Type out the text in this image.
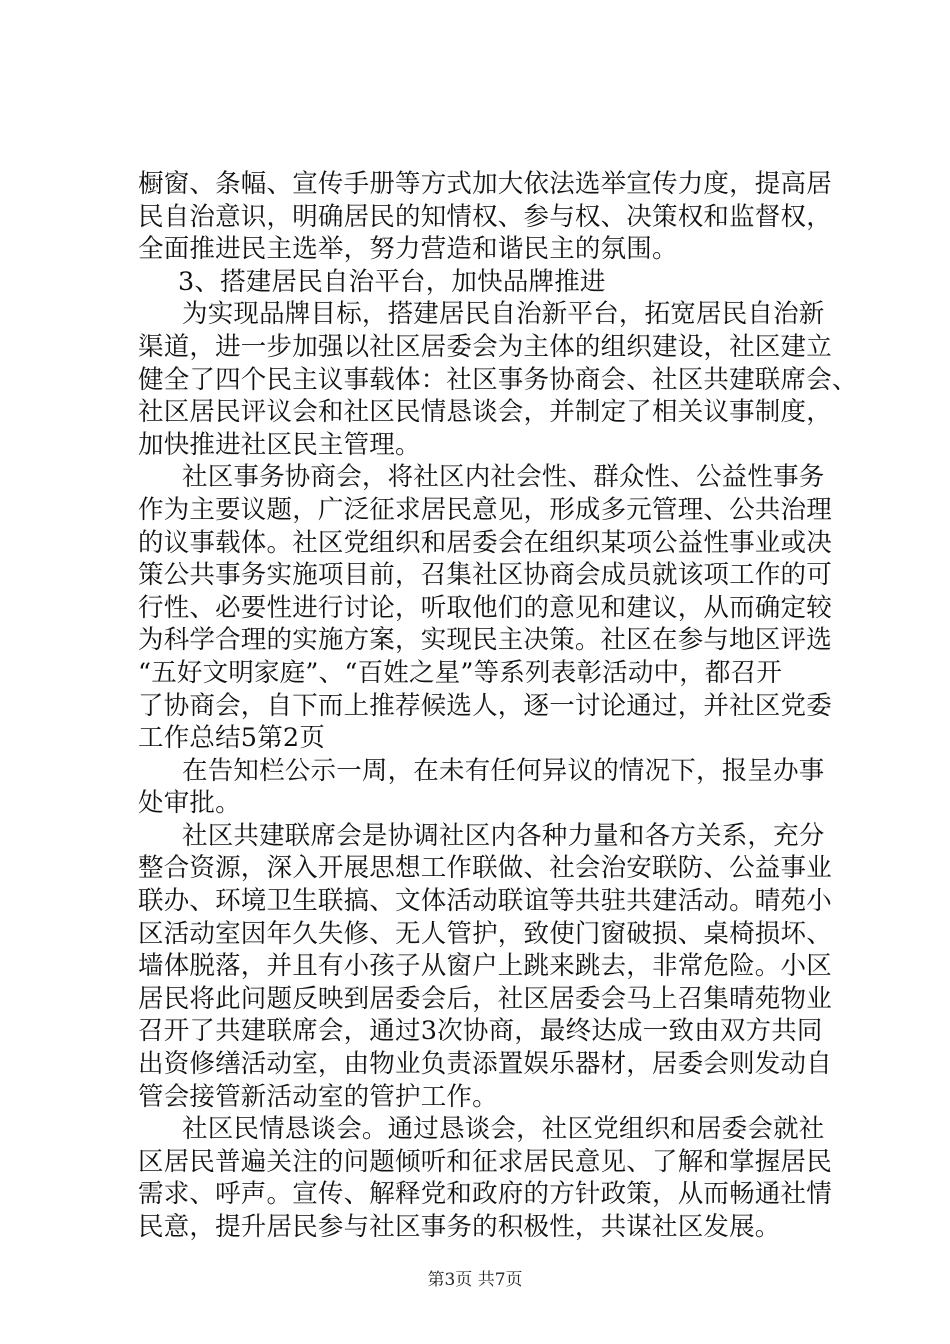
橱窗、条幅、宣传手册等方式加大依法选举宣传力度，提高居
民自治意识，明确居民的知情权、参与权、决策权和监督权，
全面推进民主选举，努力营造和谐民主的氛围。
3、搭建居民自治平台，加快品牌推进
为实现品牌目标，搭建居民自治新平台，拓宽居民自治新
渠道，进一步加强以社区居委会为主体的组织建设，社区建立
健全了四个民主议事载体：社区事务协商会、社区共建联席会、
社区居民评议会和社区民情恳谈会，并制定了相关议事制度，
加快推进社区民主管理。
社区事务协商会，将社区内社会性、群众性、公益性事务
作为主要议题，广泛征求居民意见，形成多元管理、公共治理
的议事载体。社区党组织和居委会在组织某项公益性事业或决
策公共事务实施项目前，召集社区协商会成员就该项工作的可
行性、必要性进行讨论，听取他们的意见和建议，从而确定较
为科学合理的实施方案，实现民主决策。社区在参与地区评选
“五好文明家庭”、“百姓之星”等系列表彰活动中，都召开
了协商会，自下而上推荐候选人，逐一讨论通过，并社区党委
工作总结5第2页
在告知栏公示一周，在未有任何异议的情况下，报呈办事
处审批。
社区共建联席会是协调社区内各种力量和各方关系，充分
整合资源，深入开展思想工作联做、社会治安联防、公益事业
联办、环境卫生联搞、文体活动联谊等共驻共建活动。晴苑小
区活动室因年久失修、无人管护，致使门窗破损、桌椅损坏、
墙体脱落，并且有小孩子从窗户上跳来跳去，非常危险。小区
居民将此问题反映到居委会后，社区居委会马上召集晴苑物业
召开了共建联席会，通过3次协商，最终达成一致由双方共同
出资修缮活动室，由物业负责添置娱乐器材，居委会则发动自
管会接管新活动室的管护工作。
社区民情恳谈会。通过恳谈会，社区党组织和居委会就社
区居民普遍关注的问题倾听和征求居民意见、了解和掌握居民
需求、呼声。宣传、解释党和政府的方针政策，从而畅通社情
民意，提升居民参与社区事务的积极性，共谋社区发展。
第3页 共7页
